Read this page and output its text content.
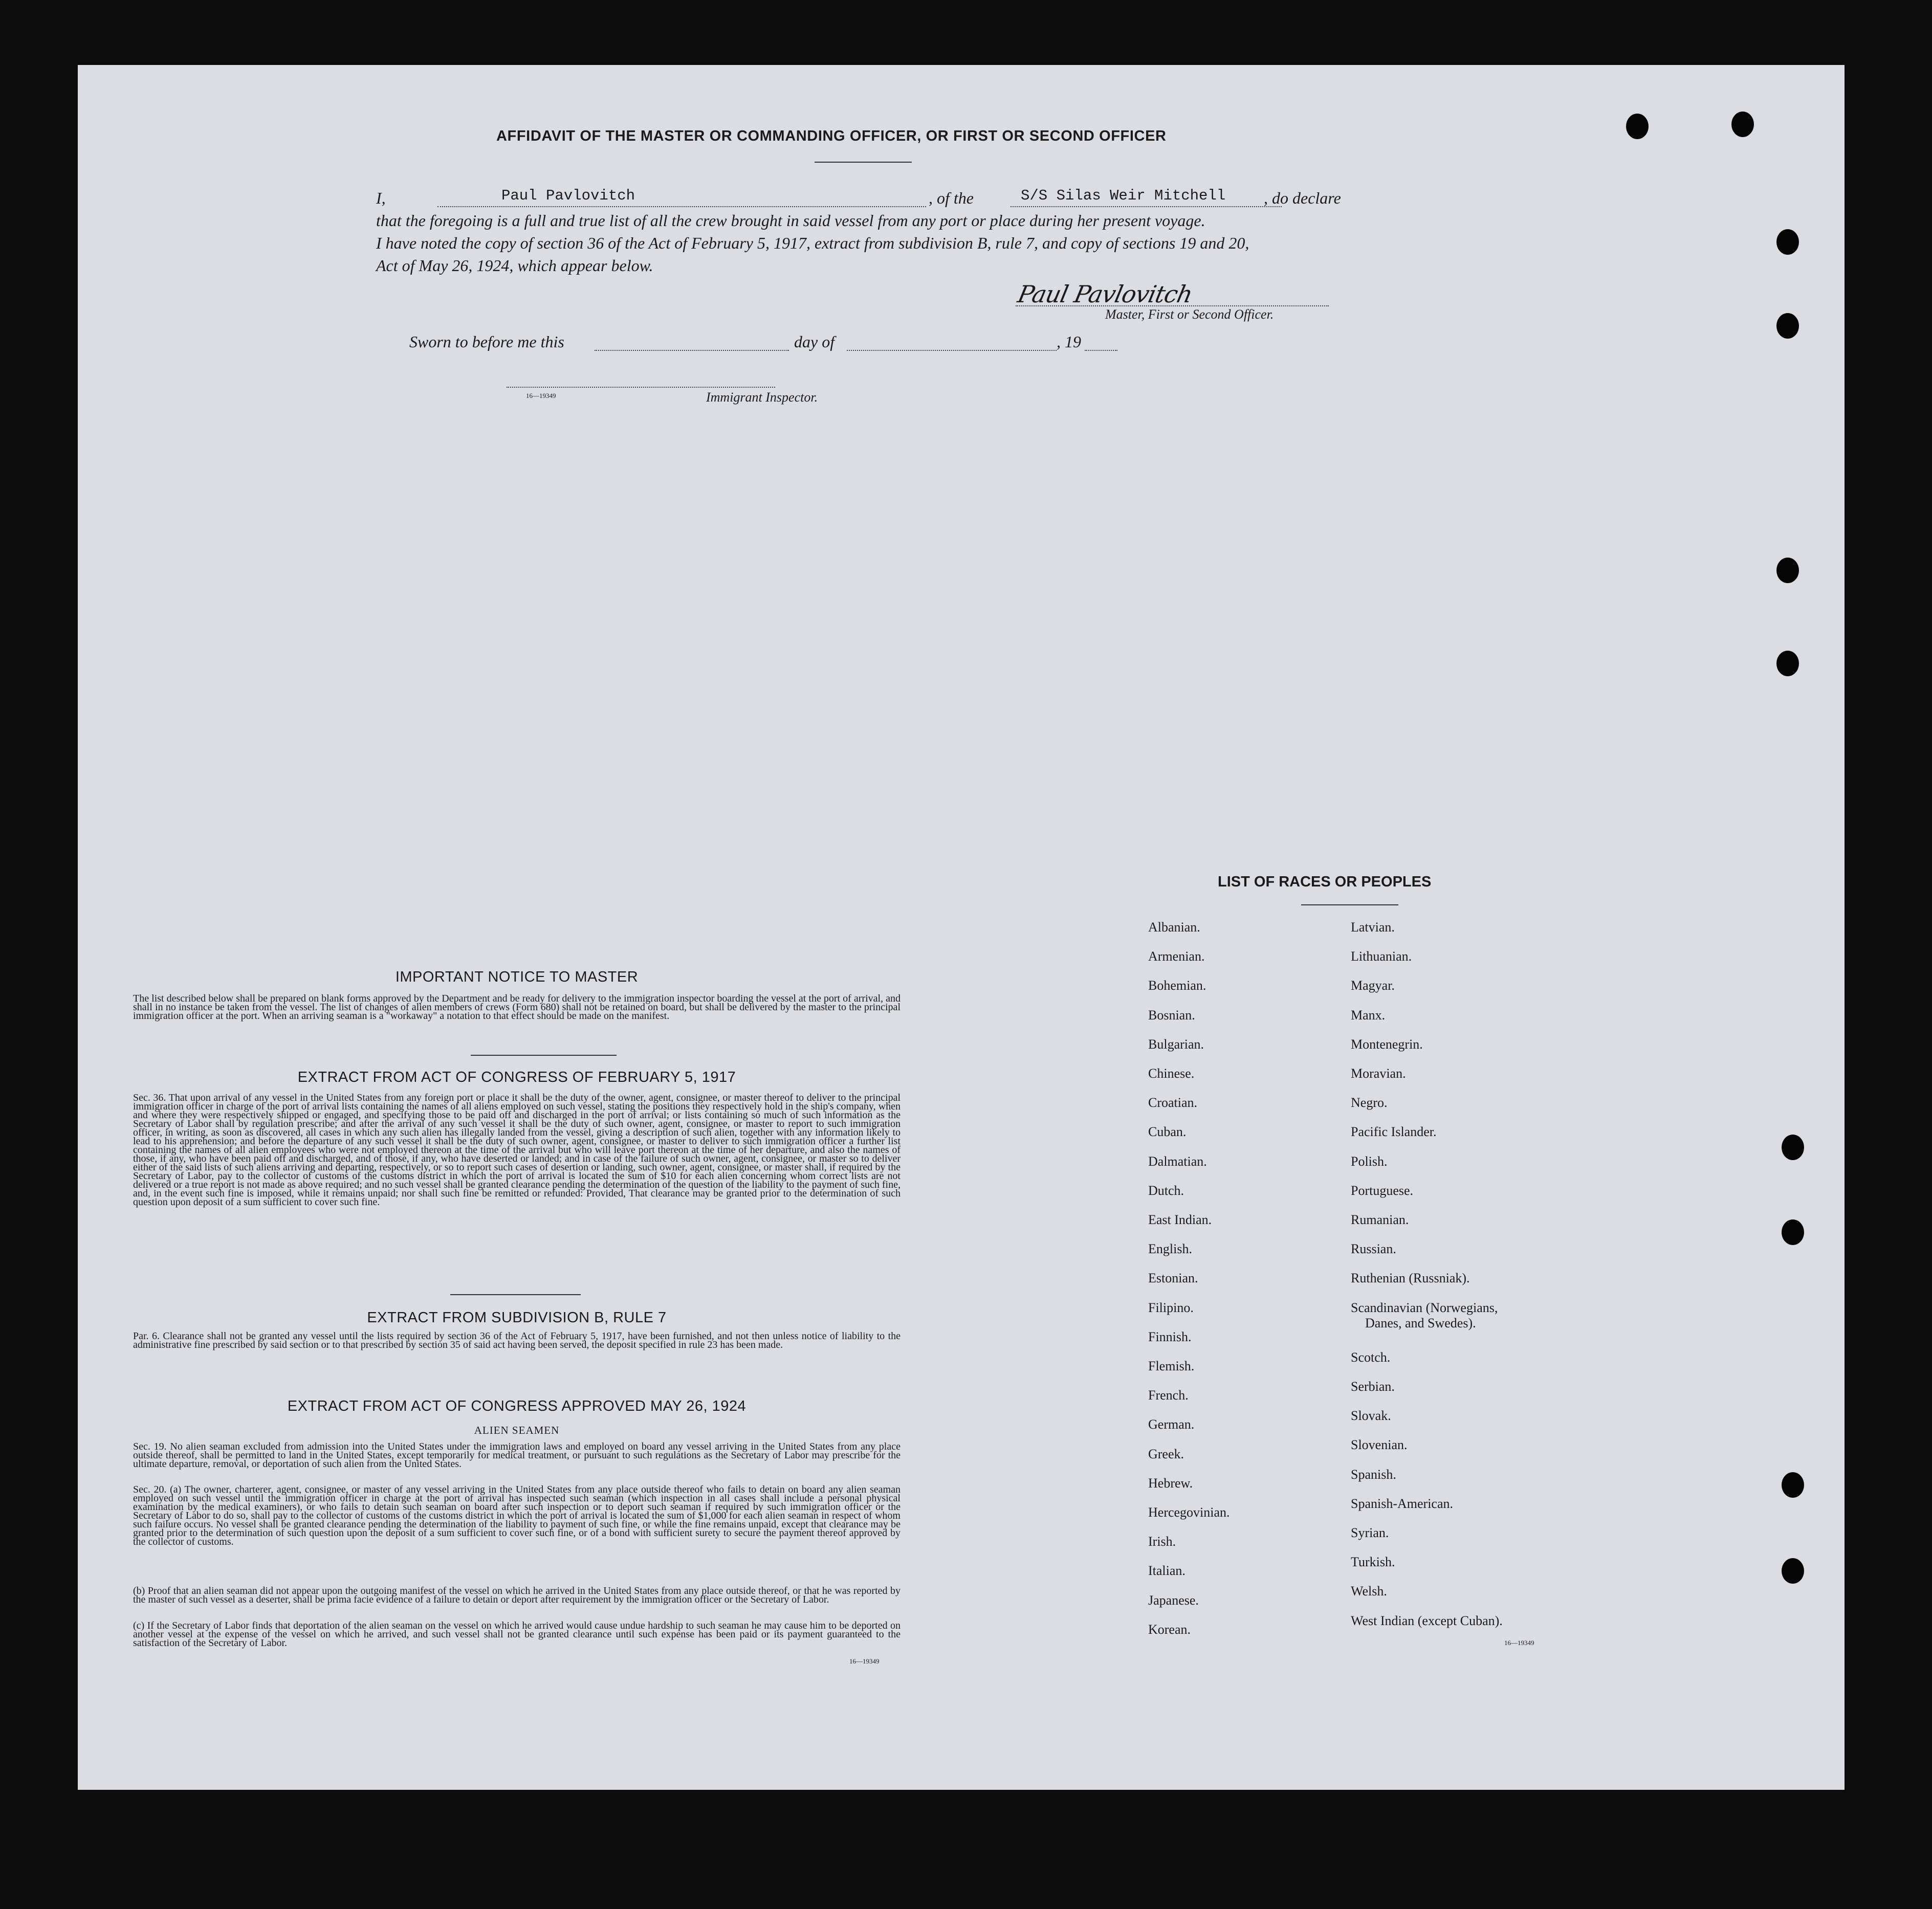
AFFIDAVIT OF THE MASTER OR COMMANDING OFFICER, OR FIRST OR SECOND OFFICER
I,	Paul Pavlovitch	, of the	S/S Silas Weir Mitchell , do declare
that the foregoing is a full and true list of all the crew brought in said vessel from any port or place during her present voyage.
I have noted the copy of section 36 of the Act of February 5, 1917, extract from subdivision B, rule 7, and copy of sections 19 and 20,
Act of May 26, 1924, which appear below.
Paul Pavlovitch
Master, First or Second Officer.
Sworn to before me this	day of	, 19
16—19349	Immigrant Inspector.
IMPORTANT NOTICE TO MASTER
The list described below shall be prepared on blank forms approved by the Department and be ready for delivery to the immigration inspector boarding the vessel at the port of arrival, and shall in no instance be taken from the vessel. The list of changes of alien members of crews (Form 680) shall not be retained on board, but shall be delivered by the master to the principal immigration officer at the port. When an arriving seaman is a "workaway" a notation to that effect should be made on the manifest.
EXTRACT FROM ACT OF CONGRESS OF FEBRUARY 5, 1917
Sec. 36. That upon arrival of any vessel in the United States from any foreign port or place it shall be the duty of the owner, agent, consignee, or master thereof to deliver to the principal immigration officer in charge of the port of arrival lists containing the names of all aliens employed on such vessel, stating the positions they respectively hold in the ship's company, when and where they were respectively shipped or engaged, and specifying those to be paid off and discharged in the port of arrival; or lists containing so much of such information as the Secretary of Labor shall by regulation prescribe; and after the arrival of any such vessel it shall be the duty of such owner, agent, consignee, or master to report to such immigration officer, in writing, as soon as discovered, all cases in which any such alien has illegally landed from the vessel, giving a description of such alien, together with any information likely to lead to his apprehension; and before the departure of any such vessel it shall be the duty of such owner, agent, consignee, or master to deliver to such immigration officer a further list containing the names of all alien employees who were not employed thereon at the time of the arrival but who will leave port thereon at the time of her departure, and also the names of those, if any, who have been paid off and discharged, and of those, if any, who have deserted or landed; and in case of the failure of such owner, agent, consignee, or master so to deliver either of the said lists of such aliens arriving and departing, respectively, or so to report such cases of desertion or landing, such owner, agent, consignee, or master shall, if required by the Secretary of Labor, pay to the collector of customs of the customs district in which the port of arrival is located the sum of $10 for each alien concerning whom correct lists are not delivered or a true report is not made as above required; and no such vessel shall be granted clearance pending the determination of the question of the liability to the payment of such fine, and, in the event such fine is imposed, while it remains unpaid; nor shall such fine be remitted or refunded: Provided, That clearance may be granted prior to the determination of such question upon deposit of a sum sufficient to cover such fine.
EXTRACT FROM SUBDIVISION B, RULE 7
Par. 6. Clearance shall not be granted any vessel until the lists required by section 36 of the Act of February 5, 1917, have been furnished, and not then unless notice of liability to the administrative fine prescribed by said section or to that prescribed by section 35 of said act having been served, the deposit specified in rule 23 has been made.
EXTRACT FROM ACT OF CONGRESS APPROVED MAY 26, 1924
ALIEN SEAMEN
Sec. 19. No alien seaman excluded from admission into the United States under the immigration laws and employed on board any vessel arriving in the United States from any place outside thereof, shall be permitted to land in the United States, except temporarily for medical treatment, or pursuant to such regulations as the Secretary of Labor may prescribe for the ultimate departure, removal, or deportation of such alien from the United States.
Sec. 20. (a) The owner, charterer, agent, consignee, or master of any vessel arriving in the United States from any place outside thereof who fails to detain on board any alien seaman employed on such vessel until the immigration officer in charge at the port of arrival has inspected such seaman (which inspection in all cases shall include a personal physical examination by the medical examiners), or who fails to detain such seaman on board after such inspection or to deport such seaman if required by such immigration officer or the Secretary of Labor to do so, shall pay to the collector of customs of the customs district in which the port of arrival is located the sum of $1,000 for each alien seaman in respect of whom such failure occurs. No vessel shall be granted clearance pending the determination of the liability to payment of such fine, or while the fine remains unpaid, except that clearance may be granted prior to the determination of such question upon the deposit of a sum sufficient to cover such fine, or of a bond with sufficient surety to secure the payment thereof approved by the collector of customs.
(b) Proof that an alien seaman did not appear upon the outgoing manifest of the vessel on which he arrived in the United States from any place outside thereof, or that he was reported by the master of such vessel as a deserter, shall be prima facie evidence of a failure to detain or deport after requirement by the immigration officer or the Secretary of Labor.
(c) If the Secretary of Labor finds that deportation of the alien seaman on the vessel on which he arrived would cause undue hardship to such seaman he may cause him to be deported on another vessel at the expense of the vessel on which he arrived, and such vessel shall not be granted clearance until such expense has been paid or its payment guaranteed to the satisfaction of the Secretary of Labor.
16—19349
LIST OF RACES OR PEOPLES
Albanian.
Armenian.
Bohemian.
Bosnian.
Bulgarian.
Chinese.
Croatian.
Cuban.
Dalmatian.
Dutch.
East Indian.
English.
Estonian.
Filipino.
Finnish.
Flemish.
French.
German.
Greek.
Hebrew.
Hercegovinian.
Irish.
Italian.
Japanese.
Korean.
Latvian.
Lithuanian.
Magyar.
Manx.
Montenegrin.
Moravian.
Negro.
Pacific Islander.
Polish.
Portuguese.
Rumanian.
Russian.
Ruthenian (Russniak).
Scandinavian (Norwegians,
Danes, and Swedes).
Scotch.
Serbian.
Slovak.
Slovenian.
Spanish.
Spanish-American.
Syrian.
Turkish.
Welsh.
West Indian (except Cuban).
16—19349
